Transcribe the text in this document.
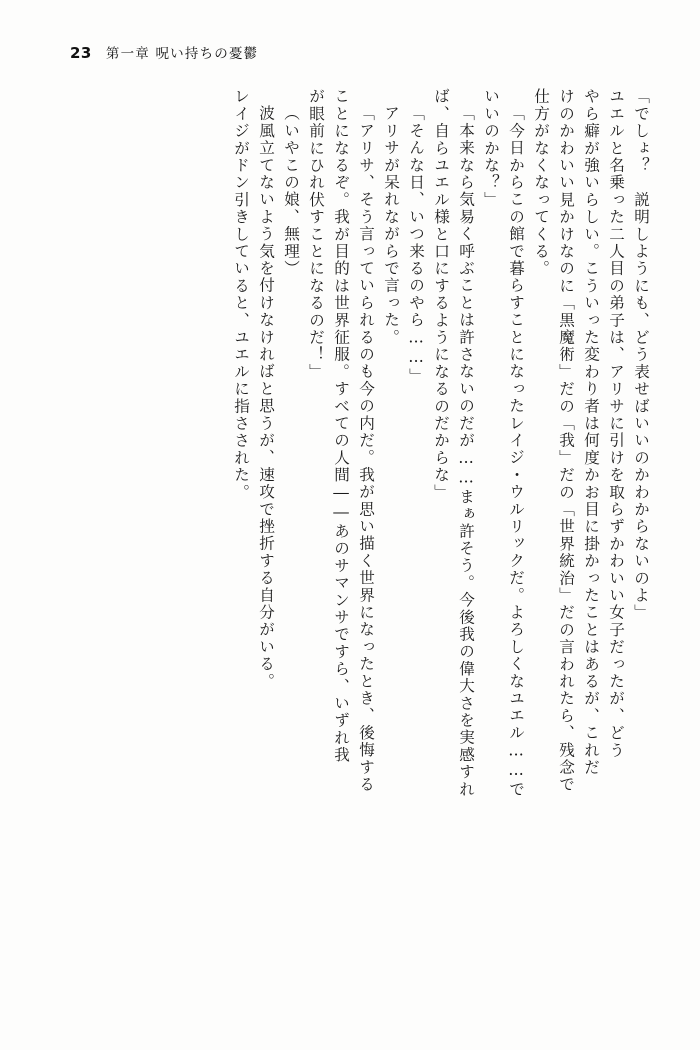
23 第一章 呪い持ちの憂鬱
「でしょ？　説明しようにも、どう表せばいいのかわからないのよ」
ユエルと名乗った二人目の弟子は、アリサに引けを取らずかわいい女子だったが、どう
やら癖が強いらしい。こういった変わり者は何度かお目に掛かったことはあるが、これだ
けのかわいい見かけなのに「黒魔術」だの「我」だの「世界統治」だの言われたら、残念で
仕方がなくなってくる。
「今日からこの館で暮らすことになったレイジ・ウルリックだ。よろしくなユエル……で
いいのかな？」
「本来なら気易く呼ぶことは許さないのだが……まぁ許そう。今後我の偉大さを実感すれ
ば、自らユエル様と口にするようになるのだからな」
「そんな日、いつ来るのやら……」
アリサが呆れながらで言った。
「アリサ、そう言っていられるのも今の内だ。我が思い描く世界になったとき、後悔する
ことになるぞ。我が目的は世界征服。すべての人間――あのサマンサですら、いずれ我
が眼前にひれ伏すことになるのだ！」
（いやこの娘、無理）
波風立てないよう気を付けなければと思うが、速攻で挫折する自分がいる。
レイジがドン引きしていると、ユエルに指さされた。
